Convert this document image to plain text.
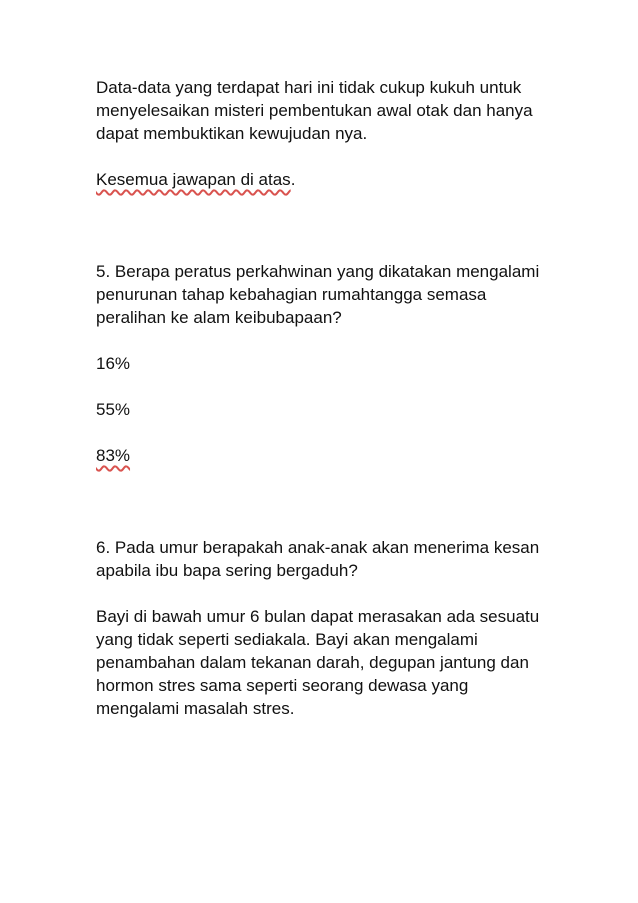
Data-data yang terdapat hari ini tidak cukup kukuh untuk menyelesaikan misteri pembentukan awal otak dan hanya dapat membuktikan kewujudan nya.

Kesemua jawapan di atas.

5. Berapa peratus perkahwinan yang dikatakan mengalami penurunan tahap kebahagian rumahtangga semasa peralihan ke alam keibubapaan?

16%

55%

83%

6. Pada umur berapakah anak-anak akan menerima kesan apabila ibu bapa sering bergaduh?

Bayi di bawah umur 6 bulan dapat merasakan ada sesuatu yang tidak seperti sediakala. Bayi akan mengalami penambahan dalam tekanan darah, degupan jantung dan hormon stres sama seperti seorang dewasa yang mengalami masalah stres.
